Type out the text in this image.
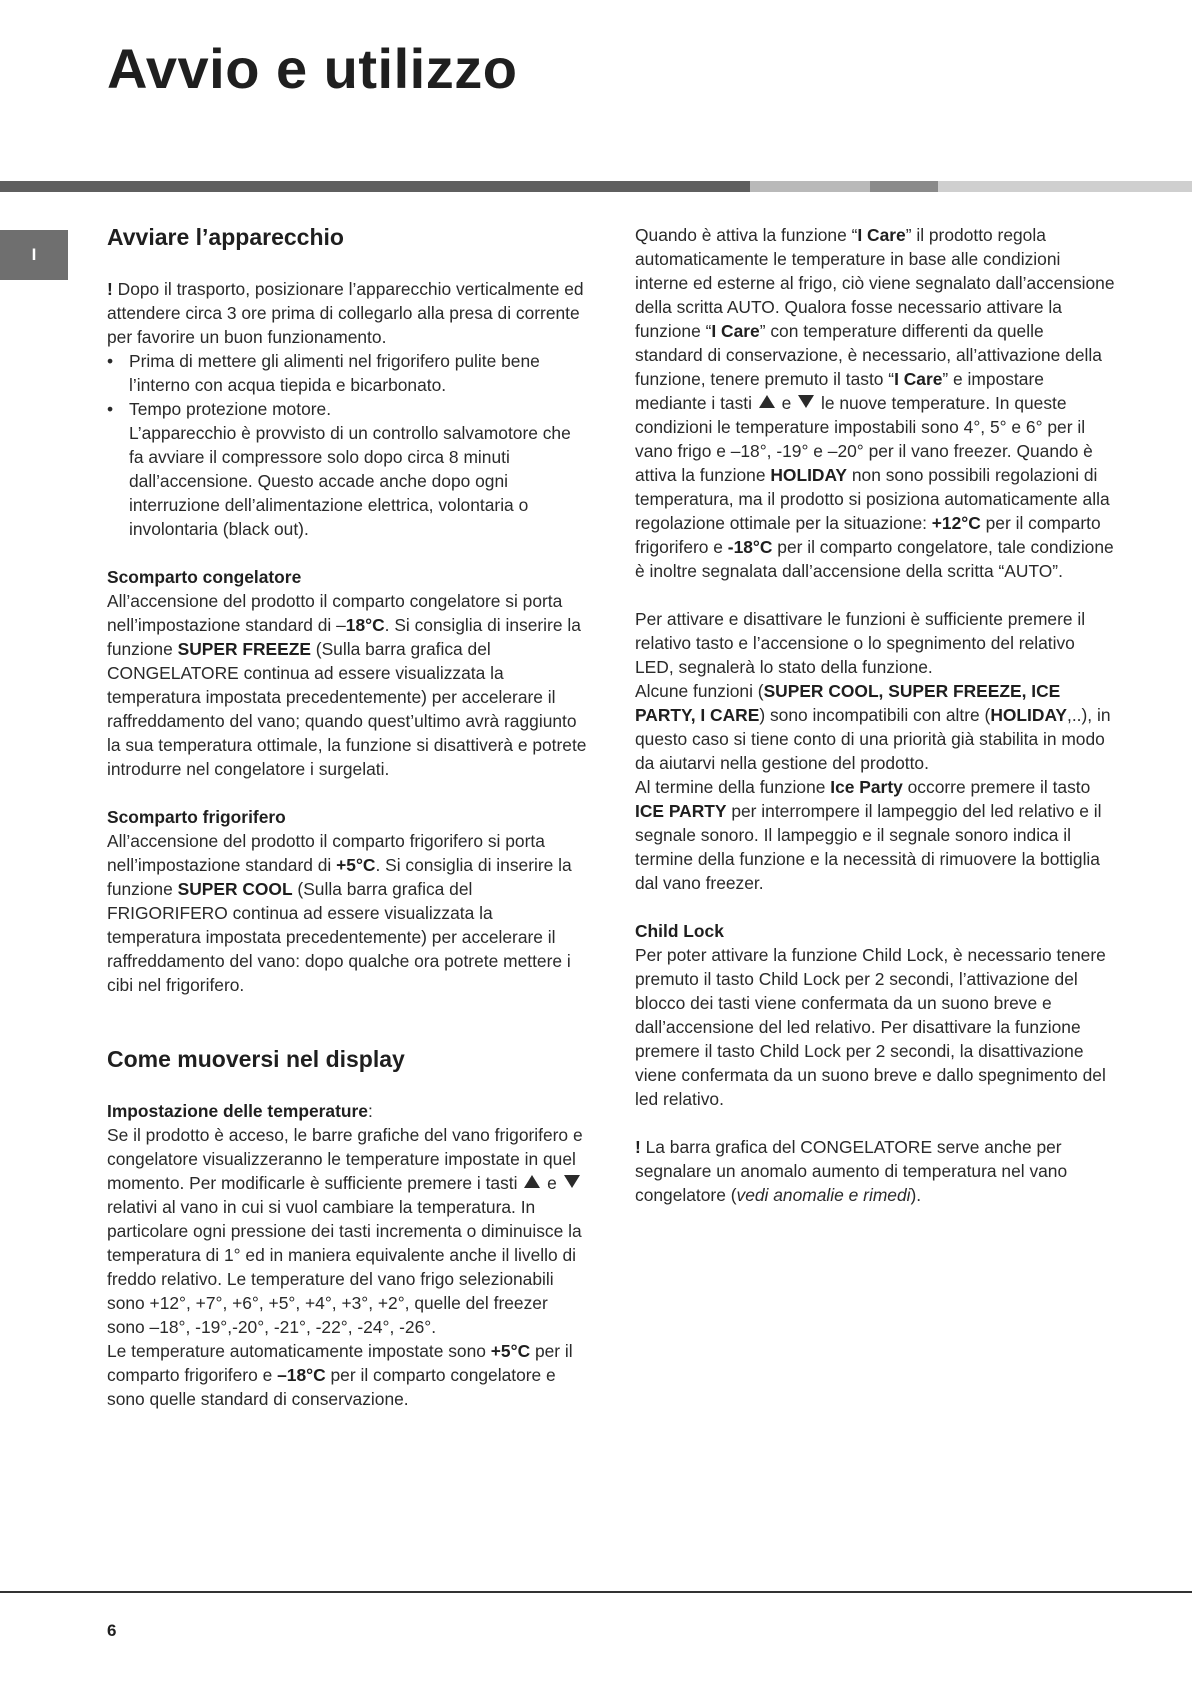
Avvio e utilizzo
I
Avviare l’apparecchio

! Dopo il trasporto, posizionare l’apparecchio verticalmente ed attendere circa 3 ore prima di collegarlo alla presa di corrente per favorire un buon funzionamento.

• Prima di mettere gli alimenti nel frigorifero pulite bene l’interno con acqua tiepida e bicarbonato.
• Tempo protezione motore.
L’apparecchio è provvisto di un controllo salvamotore che fa avviare il compressore solo dopo circa 8 minuti dall’accensione. Questo accade anche dopo ogni interruzione dell’alimentazione elettrica, volontaria o involontaria (black out).
Scomparto congelatore

All’accensione del prodotto il comparto congelatore si porta nell’impostazione standard di –18°C. Si consiglia di inserire la funzione SUPER FREEZE (Sulla barra grafica del CONGELATORE continua ad essere visualizzata la temperatura impostata precedentemente) per accelerare il raffreddamento del vano; quando quest’ultimo avrà raggiunto la sua temperatura ottimale, la funzione si disattiverà e potrete introdurre nel congelatore i surgelati.

Scomparto frigorifero

All’accensione del prodotto il comparto frigorifero si porta nell’impostazione standard di +5°C. Si consiglia di inserire la funzione SUPER COOL (Sulla barra grafica del FRIGORIFERO continua ad essere visualizzata la temperatura impostata precedentemente) per accelerare il raffreddamento del vano: dopo qualche ora potrete mettere i cibi nel frigorifero.

Come muoversi nel display

Impostazione delle temperature:

Se il prodotto è acceso, le barre grafiche del vano frigorifero e congelatore visualizzeranno le temperature impostate in quel momento. Per modificarle è sufficiente premere i tasti  e  relativi al vano in cui si vuol cambiare la temperatura. In particolare ogni pressione dei tasti incrementa o diminuisce la temperatura di 1° ed in maniera equivalente anche il livello di freddo relativo. Le temperature del vano frigo selezionabili sono +12°, +7°, +6°, +5°, +4°, +3°, +2°, quelle del freezer sono –18°, -19°,-20°, -21°, -22°, -24°, -26°.

Le temperature automaticamente impostate sono +5°C per il comparto frigorifero e –18°C per il comparto congelatore e sono quelle standard di conservazione.

Quando è attiva la funzione “I Care” il prodotto regola automaticamente le temperature in base alle condizioni interne ed esterne al frigo, ciò viene segnalato dall’accensione della scritta AUTO. Qualora fosse necessario attivare la funzione “I Care” con temperature differenti da quelle standard di conservazione, è necessario, all’attivazione della funzione, tenere premuto il tasto “I Care” e impostare mediante i tasti  e  le nuove temperature. In queste condizioni le temperature impostabili sono 4°, 5° e 6° per il vano frigo e –18°, -19° e –20° per il vano freezer. Quando è attiva la funzione HOLIDAY non sono possibili regolazioni di temperatura, ma il prodotto si posiziona automaticamente alla regolazione ottimale per la situazione: +12°C per il comparto frigorifero e -18°C per il comparto congelatore, tale condizione è inoltre segnalata dall’accensione della scritta “AUTO”.

Per attivare e disattivare le funzioni è sufficiente premere il relativo tasto e l’accensione o lo spegnimento del relativo LED, segnalerà lo stato della funzione.

Alcune funzioni (SUPER COOL, SUPER FREEZE, ICE PARTY, I CARE) sono incompatibili con altre (HOLIDAY,..), in questo caso si tiene conto di una priorità già stabilita in modo da aiutarvi nella gestione del prodotto.

Al termine della funzione Ice Party occorre premere il tasto ICE PARTY per interrompere il lampeggio del led relativo e il segnale sonoro. Il lampeggio e il segnale sonoro indica il termine della funzione e la necessità di rimuovere la bottiglia dal vano freezer.

Child Lock

Per poter attivare la funzione Child Lock, è necessario tenere premuto il tasto Child Lock per 2 secondi, l’attivazione del blocco dei tasti viene confermata da un suono breve e dall’accensione del led relativo. Per disattivare la funzione premere il tasto Child Lock per 2 secondi, la disattivazione viene confermata da un suono breve e dallo spegnimento del led relativo.

! La barra grafica del CONGELATORE serve anche per segnalare un anomalo aumento di temperatura nel vano congelatore (vedi anomalie e rimedi).

6
